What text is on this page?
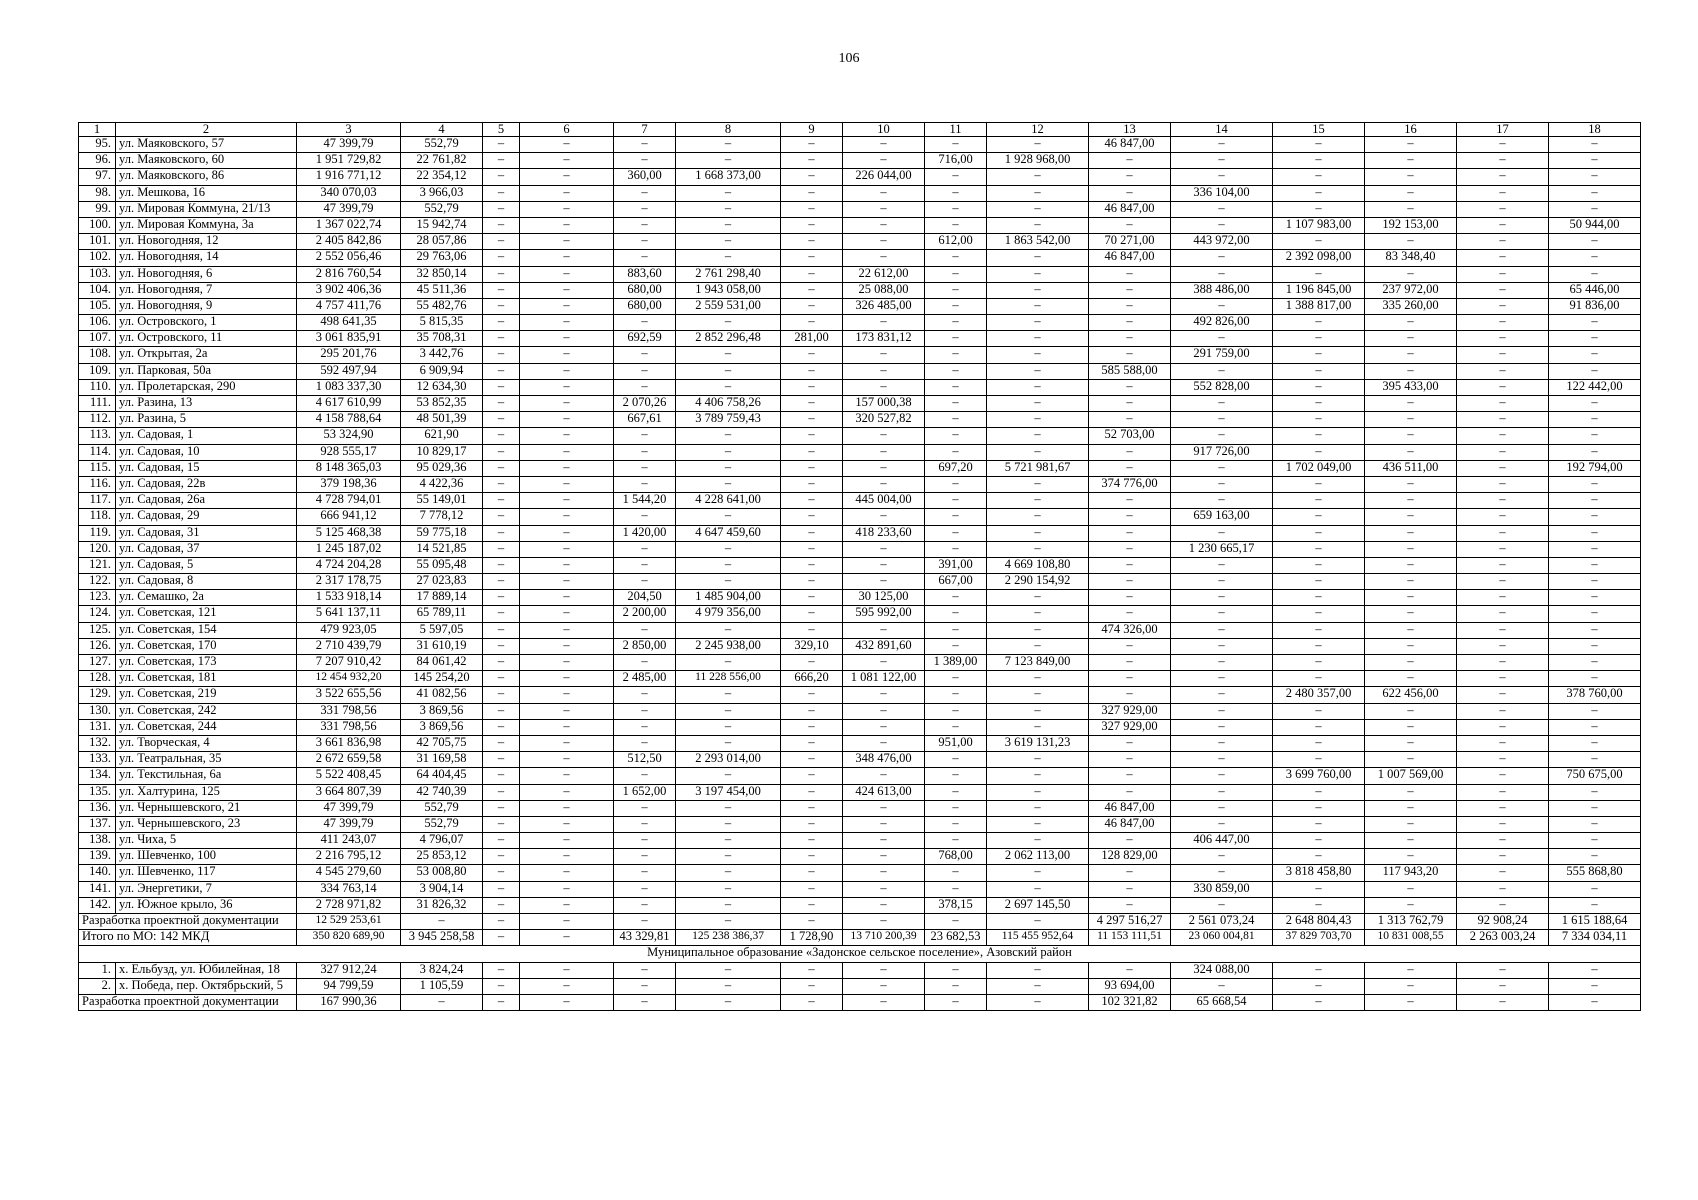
106
1	2	3	4	5	6	7	8	9	10	11	12	13	14	15	16	17	18
95.	ул. Маяковского, 57	47 399,79	552,79	–	–	–	–	–	–	–	–	46 847,00	–	–	–	–	–
96.	ул. Маяковского, 60	1 951 729,82	22 761,82	–	–	–	–	–	–	716,00	1 928 968,00	–	–	–	–	–	–
97.	ул. Маяковского, 86	1 916 771,12	22 354,12	–	–	360,00	1 668 373,00	–	226 044,00	–	–	–	–	–	–	–	–
98.	ул. Мешкова, 16	340 070,03	3 966,03	–	–	–	–	–	–	–	–	–	336 104,00	–	–	–	–
99.	ул. Мировая Коммуна, 21/13	47 399,79	552,79	–	–	–	–	–	–	–	–	46 847,00	–	–	–	–	–
100.	ул. Мировая Коммуна, 3а	1 367 022,74	15 942,74	–	–	–	–	–	–	–	–	–	–	1 107 983,00	192 153,00	–	50 944,00
101.	ул. Новогодняя, 12	2 405 842,86	28 057,86	–	–	–	–	–	–	612,00	1 863 542,00	70 271,00	443 972,00	–	–	–	–
102.	ул. Новогодняя, 14	2 552 056,46	29 763,06	–	–	–	–	–	–	–	–	46 847,00	–	2 392 098,00	83 348,40	–	–
103.	ул. Новогодняя, 6	2 816 760,54	32 850,14	–	–	883,60	2 761 298,40	–	22 612,00	–	–	–	–	–	–	–	–
104.	ул. Новогодняя, 7	3 902 406,36	45 511,36	–	–	680,00	1 943 058,00	–	25 088,00	–	–	–	388 486,00	1 196 845,00	237 972,00	–	65 446,00
105.	ул. Новогодняя, 9	4 757 411,76	55 482,76	–	–	680,00	2 559 531,00	–	326 485,00	–	–	–	–	1 388 817,00	335 260,00	–	91 836,00
106.	ул. Островского, 1	498 641,35	5 815,35	–	–	–	–	–	–	–	–	–	492 826,00	–	–	–	–
107.	ул. Островского, 11	3 061 835,91	35 708,31	–	–	692,59	2 852 296,48	281,00	173 831,12	–	–	–	–	–	–	–	–
108.	ул. Открытая, 2а	295 201,76	3 442,76	–	–	–	–	–	–	–	–	–	291 759,00	–	–	–	–
109.	ул. Парковая, 50а	592 497,94	6 909,94	–	–	–	–	–	–	–	–	585 588,00	–	–	–	–	–
110.	ул. Пролетарская, 290	1 083 337,30	12 634,30	–	–	–	–	–	–	–	–	–	552 828,00	–	395 433,00	–	122 442,00
111.	ул. Разина, 13	4 617 610,99	53 852,35	–	–	2 070,26	4 406 758,26	–	157 000,38	–	–	–	–	–	–	–	–
112.	ул. Разина, 5	4 158 788,64	48 501,39	–	–	667,61	3 789 759,43	–	320 527,82	–	–	–	–	–	–	–	–
113.	ул. Садовая, 1	53 324,90	621,90	–	–	–	–	–	–	–	–	52 703,00	–	–	–	–	–
114.	ул. Садовая, 10	928 555,17	10 829,17	–	–	–	–	–	–	–	–	–	917 726,00	–	–	–	–
115.	ул. Садовая, 15	8 148 365,03	95 029,36	–	–	–	–	–	–	697,20	5 721 981,67	–	–	1 702 049,00	436 511,00	–	192 794,00
116.	ул. Садовая, 22в	379 198,36	4 422,36	–	–	–	–	–	–	–	–	374 776,00	–	–	–	–	–
117.	ул. Садовая, 26а	4 728 794,01	55 149,01	–	–	1 544,20	4 228 641,00	–	445 004,00	–	–	–	–	–	–	–	–
118.	ул. Садовая, 29	666 941,12	7 778,12	–	–	–	–	–	–	–	–	–	659 163,00	–	–	–	–
119.	ул. Садовая, 31	5 125 468,38	59 775,18	–	–	1 420,00	4 647 459,60	–	418 233,60	–	–	–	–	–	–	–	–
120.	ул. Садовая, 37	1 245 187,02	14 521,85	–	–	–	–	–	–	–	–	–	1 230 665,17	–	–	–	–
121.	ул. Садовая, 5	4 724 204,28	55 095,48	–	–	–	–	–	–	391,00	4 669 108,80	–	–	–	–	–	–
122.	ул. Садовая, 8	2 317 178,75	27 023,83	–	–	–	–	–	–	667,00	2 290 154,92	–	–	–	–	–	–
123.	ул. Семашко, 2а	1 533 918,14	17 889,14	–	–	204,50	1 485 904,00	–	30 125,00	–	–	–	–	–	–	–	–
124.	ул. Советская, 121	5 641 137,11	65 789,11	–	–	2 200,00	4 979 356,00	–	595 992,00	–	–	–	–	–	–	–	–
125.	ул. Советская, 154	479 923,05	5 597,05	–	–	–	–	–	–	–	–	474 326,00	–	–	–	–	–
126.	ул. Советская, 170	2 710 439,79	31 610,19	–	–	2 850,00	2 245 938,00	329,10	432 891,60	–	–	–	–	–	–	–	–
127.	ул. Советская, 173	7 207 910,42	84 061,42	–	–	–	–	–	–	1 389,00	7 123 849,00	–	–	–	–	–	–
128.	ул. Советская, 181	12 454 932,20	145 254,20	–	–	2 485,00	11 228 556,00	666,20	1 081 122,00	–	–	–	–	–	–	–	–
129.	ул. Советская, 219	3 522 655,56	41 082,56	–	–	–	–	–	–	–	–	–	–	2 480 357,00	622 456,00	–	378 760,00
130.	ул. Советская, 242	331 798,56	3 869,56	–	–	–	–	–	–	–	–	327 929,00	–	–	–	–	–
131.	ул. Советская, 244	331 798,56	3 869,56	–	–	–	–	–	–	–	–	327 929,00	–	–	–	–	–
132.	ул. Творческая, 4	3 661 836,98	42 705,75	–	–	–	–	–	–	951,00	3 619 131,23	–	–	–	–	–	–
133.	ул. Театральная, 35	2 672 659,58	31 169,58	–	–	512,50	2 293 014,00	–	348 476,00	–	–	–	–	–	–	–	–
134.	ул. Текстильная, 6а	5 522 408,45	64 404,45	–	–	–	–	–	–	–	–	–	–	3 699 760,00	1 007 569,00	–	750 675,00
135.	ул. Халтурина, 125	3 664 807,39	42 740,39	–	–	1 652,00	3 197 454,00	–	424 613,00	–	–	–	–	–	–	–	–
136.	ул. Чернышевского, 21	47 399,79	552,79	–	–	–	–	–	–	–	–	46 847,00	–	–	–	–	–
137.	ул. Чернышевского, 23	47 399,79	552,79	–	–	–	–	–	–	–	–	46 847,00	–	–	–	–	–
138.	ул. Чиха, 5	411 243,07	4 796,07	–	–	–	–	–	–	–	–	–	406 447,00	–	–	–	–
139.	ул. Шевченко, 100	2 216 795,12	25 853,12	–	–	–	–	–	–	768,00	2 062 113,00	128 829,00	–	–	–	–	–
140.	ул. Шевченко, 117	4 545 279,60	53 008,80	–	–	–	–	–	–	–	–	–	–	3 818 458,80	117 943,20	–	555 868,80
141.	ул. Энергетики, 7	334 763,14	3 904,14	–	–	–	–	–	–	–	–	–	330 859,00	–	–	–	–
142.	ул. Южное крыло, 36	2 728 971,82	31 826,32	–	–	–	–	–	–	378,15	2 697 145,50	–	–	–	–	–	–
Разработка проектной документации		12 529 253,61	–	–	–	–	–	–	–	–	–	4 297 516,27	2 561 073,24	2 648 804,43	1 313 762,79	92 908,24	1 615 188,64
Итого по МО: 142 МКД		350 820 689,90	3 945 258,58	–	–	43 329,81	125 238 386,37	1 728,90	13 710 200,39	23 682,53	115 455 952,64	11 153 111,51	23 060 004,81	37 829 703,70	10 831 008,55	2 263 003,24	7 334 034,11
Муниципальное образование «Задонское сельское поселение», Азовский район																	
1.	х. Ельбузд, ул. Юбилейная, 18	327 912,24	3 824,24	–	–	–	–	–	–	–	–	–	324 088,00	–	–	–	–
2.	х. Победа, пер. Октябрьский, 5	94 799,59	1 105,59	–	–	–	–	–	–	–	–	93 694,00	–	–	–	–	–
Разработка проектной документации		167 990,36	–	–	–	–	–	–	–	–	–	102 321,82	65 668,54	–	–	–	–
